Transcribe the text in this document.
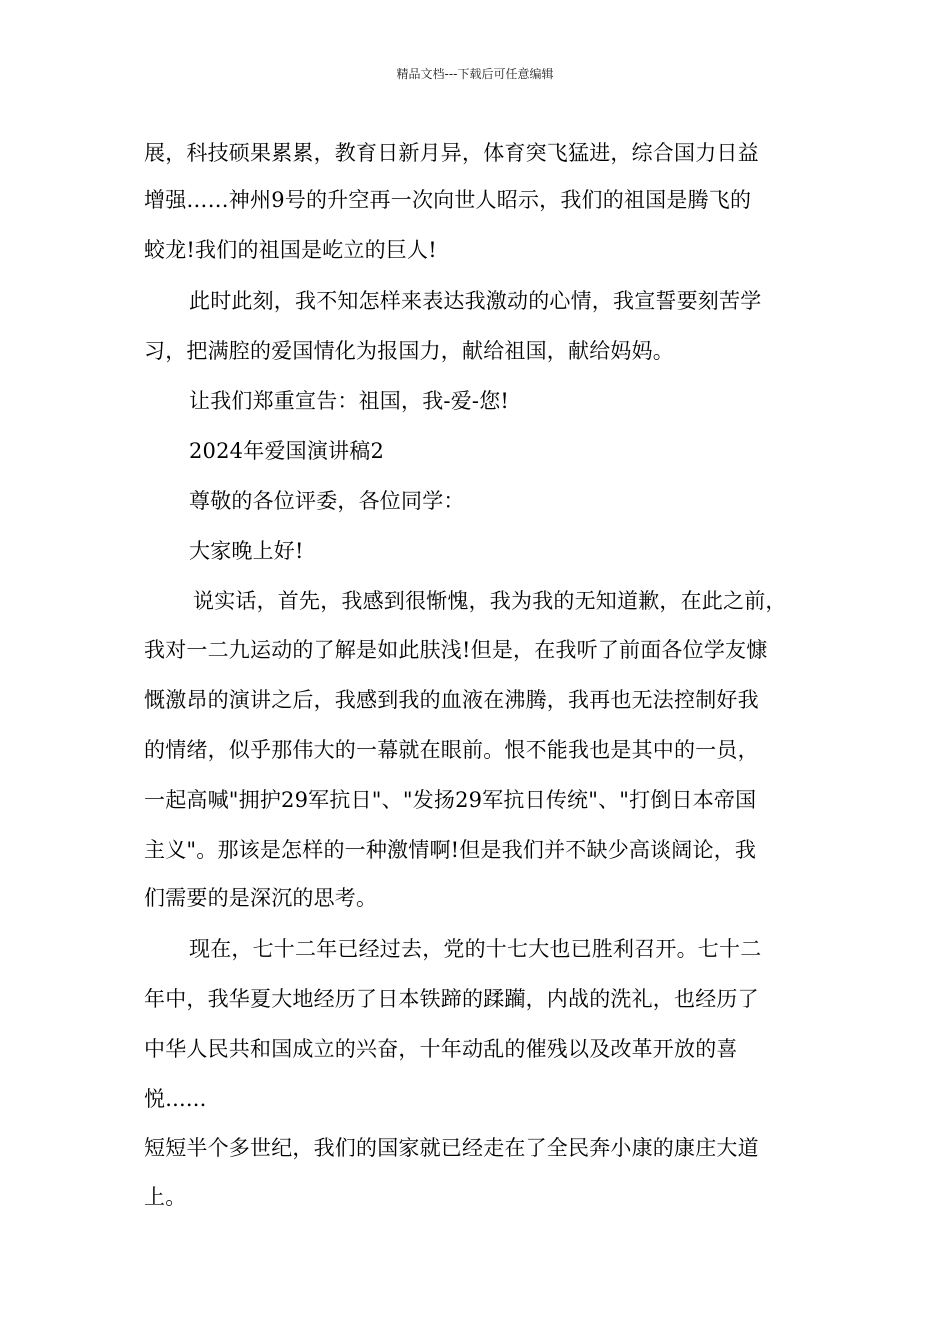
精品文档---下载后可任意编辑
展，科技硕果累累，教育日新月异，体育突飞猛进，综合国力日益
增强……神州9号的升空再一次向世人昭示，我们的祖国是腾飞的
蛟龙!我们的祖国是屹立的巨人!
此时此刻，我不知怎样来表达我激动的心情，我宣誓要刻苦学
习，把满腔的爱国情化为报国力，献给祖国，献给妈妈。
让我们郑重宣告：祖国，我-爱-您!
2024年爱国演讲稿2
尊敬的各位评委，各位同学：
大家晚上好!
说实话，首先，我感到很惭愧，我为我的无知道歉，在此之前，
我对一二九运动的了解是如此肤浅!但是，在我听了前面各位学友慷
慨激昂的演讲之后，我感到我的血液在沸腾，我再也无法控制好我
的情绪，似乎那伟大的一幕就在眼前。恨不能我也是其中的一员，
一起高喊"拥护29军抗日"、"发扬29军抗日传统"、"打倒日本帝国
主义"。那该是怎样的一种激情啊!但是我们并不缺少高谈阔论，我
们需要的是深沉的思考。
现在，七十二年已经过去，党的十七大也已胜利召开。七十二
年中，我华夏大地经历了日本铁蹄的蹂躏，内战的洗礼，也经历了
中华人民共和国成立的兴奋，十年动乱的催残以及改革开放的喜
悦......
短短半个多世纪，我们的国家就已经走在了全民奔小康的康庄大道
上。
